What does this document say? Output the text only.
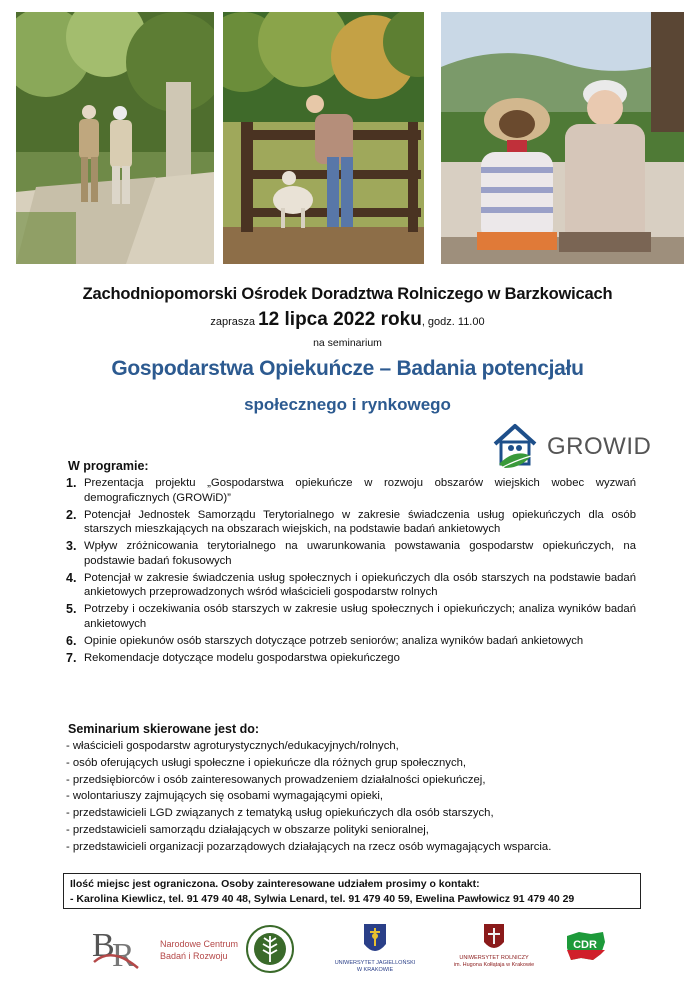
Zachodniopomorski Ośrodek Doradztwa Rolniczego w Barzkowicach
zaprasza 12 lipca 2022 roku, godz. 11.00
na seminarium
Gospodarstwa Opiekuńcze – Badania potencjału
społecznego i rynkowego
GROWID
W programie:
1. Prezentacja projektu „Gospodarstwa opiekuńcze w rozwoju obszarów wiejskich wobec wyzwań demograficznych (GROWiD)”
2. Potencjał Jednostek Samorządu Terytorialnego w zakresie świadczenia usług opiekuńczych dla osób starszych mieszkających na obszarach wiejskich, na podstawie badań ankietowych
3. Wpływ zróżnicowania terytorialnego na uwarunkowania powstawania gospodarstw opiekuńczych, na podstawie badań fokusowych
4. Potencjał w zakresie świadczenia usług społecznych i opiekuńczych dla osób starszych na podstawie badań ankietowych przeprowadzonych wśród właścicieli gospodarstw rolnych
5. Potrzeby i oczekiwania osób starszych w zakresie usług społecznych i opiekuńczych; analiza wyników badań ankietowych
6. Opinie opiekunów osób starszych dotyczące potrzeb seniorów; analiza wyników badań ankietowych
7. Rekomendacje dotyczące modelu gospodarstwa opiekuńczego
Seminarium skierowane jest do:
- właścicieli gospodarstw agroturystycznych/edukacyjnych/rolnych,
- osób oferujących usługi społeczne i opiekuńcze dla różnych grup społecznych,
- przedsiębiorców i osób zainteresowanych prowadzeniem działalności opiekuńczej,
- wolontariuszy zajmujących się osobami wymagającymi opieki,
- przedstawicieli LGD związanych z tematyką usług opiekuńczych dla osób starszych,
- przedstawicieli samorządu działających w obszarze polityki senioralnej,
- przedstawicieli organizacji pozarządowych działających na rzecz osób wymagających wsparcia.
Ilość miejsc jest ograniczona. Osoby zainteresowane udziałem prosimy o kontakt:
- Karolina Kiewlicz, tel. 91 479 40 48, Sylwia Lenard, tel. 91 479 40 59, Ewelina Pawłowicz 91 479 40 29
B
R	Narodowe Centrum
Badań i Rozwoju
UNIWERSYTET JAGIELLOŃSKI
W KRAKOWIE
UNIWERSYTET ROLNICZY
im. Hugona Kołłątaja w Krakowie
CDR
